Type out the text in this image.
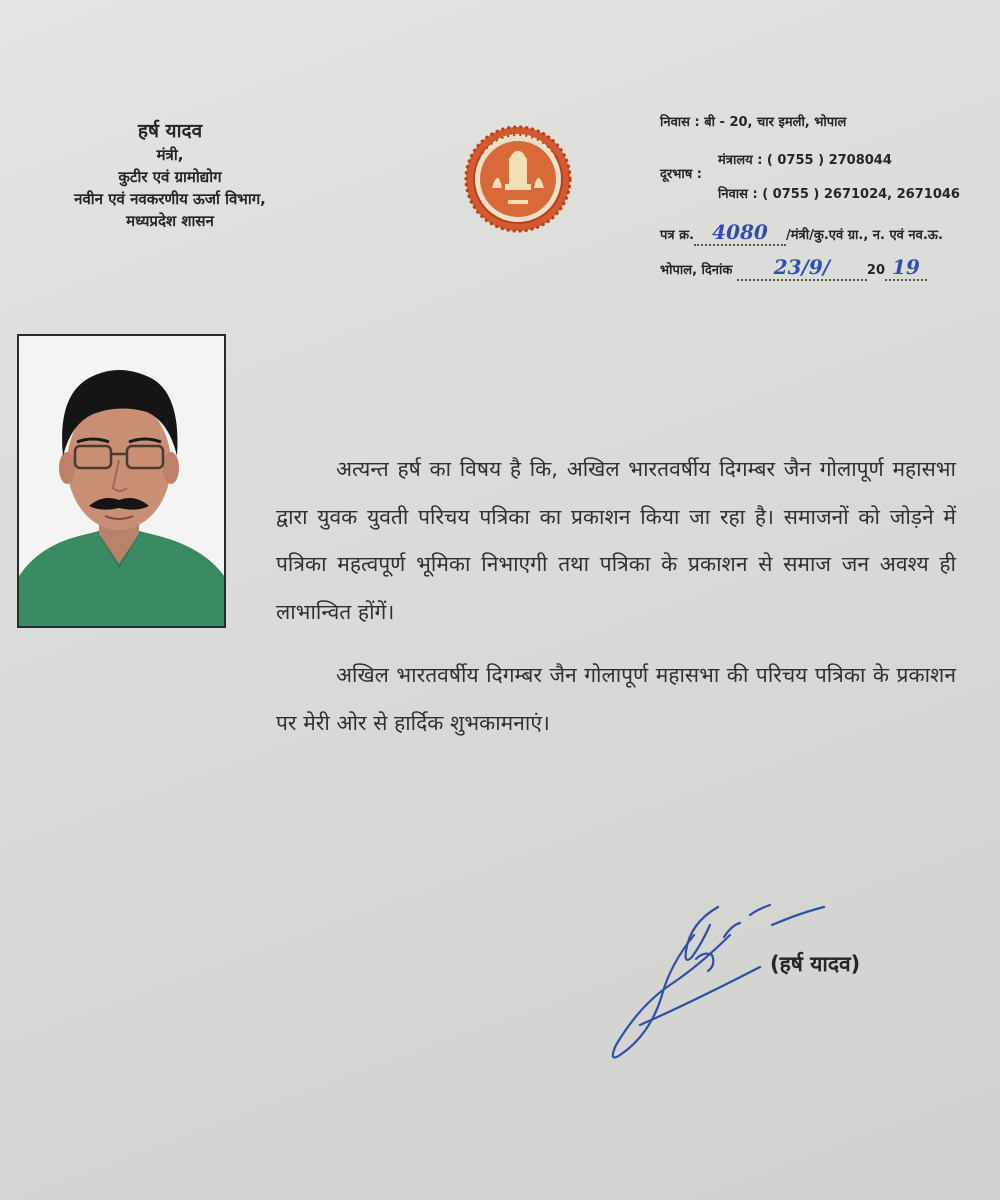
हर्ष यादव
मंत्री,
कुटीर एवं ग्रामोद्योग
नवीन एवं नवकरणीय ऊर्जा विभाग,
मध्यप्रदेश शासन
निवास : बी - 20, चार इमली, भोपाल
दूरभाष :
मंत्रालय : ( 0755 ) 2708044
निवास : ( 0755 ) 2671024, 2671046
पत्र क्र. 4080 /मंत्री/कु.एवं ग्रा., न. एवं नव.ऊ.
भोपाल, दिनांक 23/9/	20 19

अत्यन्त हर्ष का विषय है कि, अखिल भारतवर्षीय दिगम्बर जैन गोलापूर्ण महासभा द्वारा युवक युवती परिचय पत्रिका का प्रकाशन किया जा रहा है। समाजनों को जोड़ने में पत्रिका महत्वपूर्ण भूमिका निभाएगी तथा पत्रिका के प्रकाशन से समाज जन अवश्य ही लाभान्वित होंगें।

अखिल भारतवर्षीय दिगम्बर जैन गोलापूर्ण महासभा की परिचय पत्रिका के प्रकाशन पर मेरी ओर से हार्दिक शुभकामनाएं।

(हर्ष यादव)
